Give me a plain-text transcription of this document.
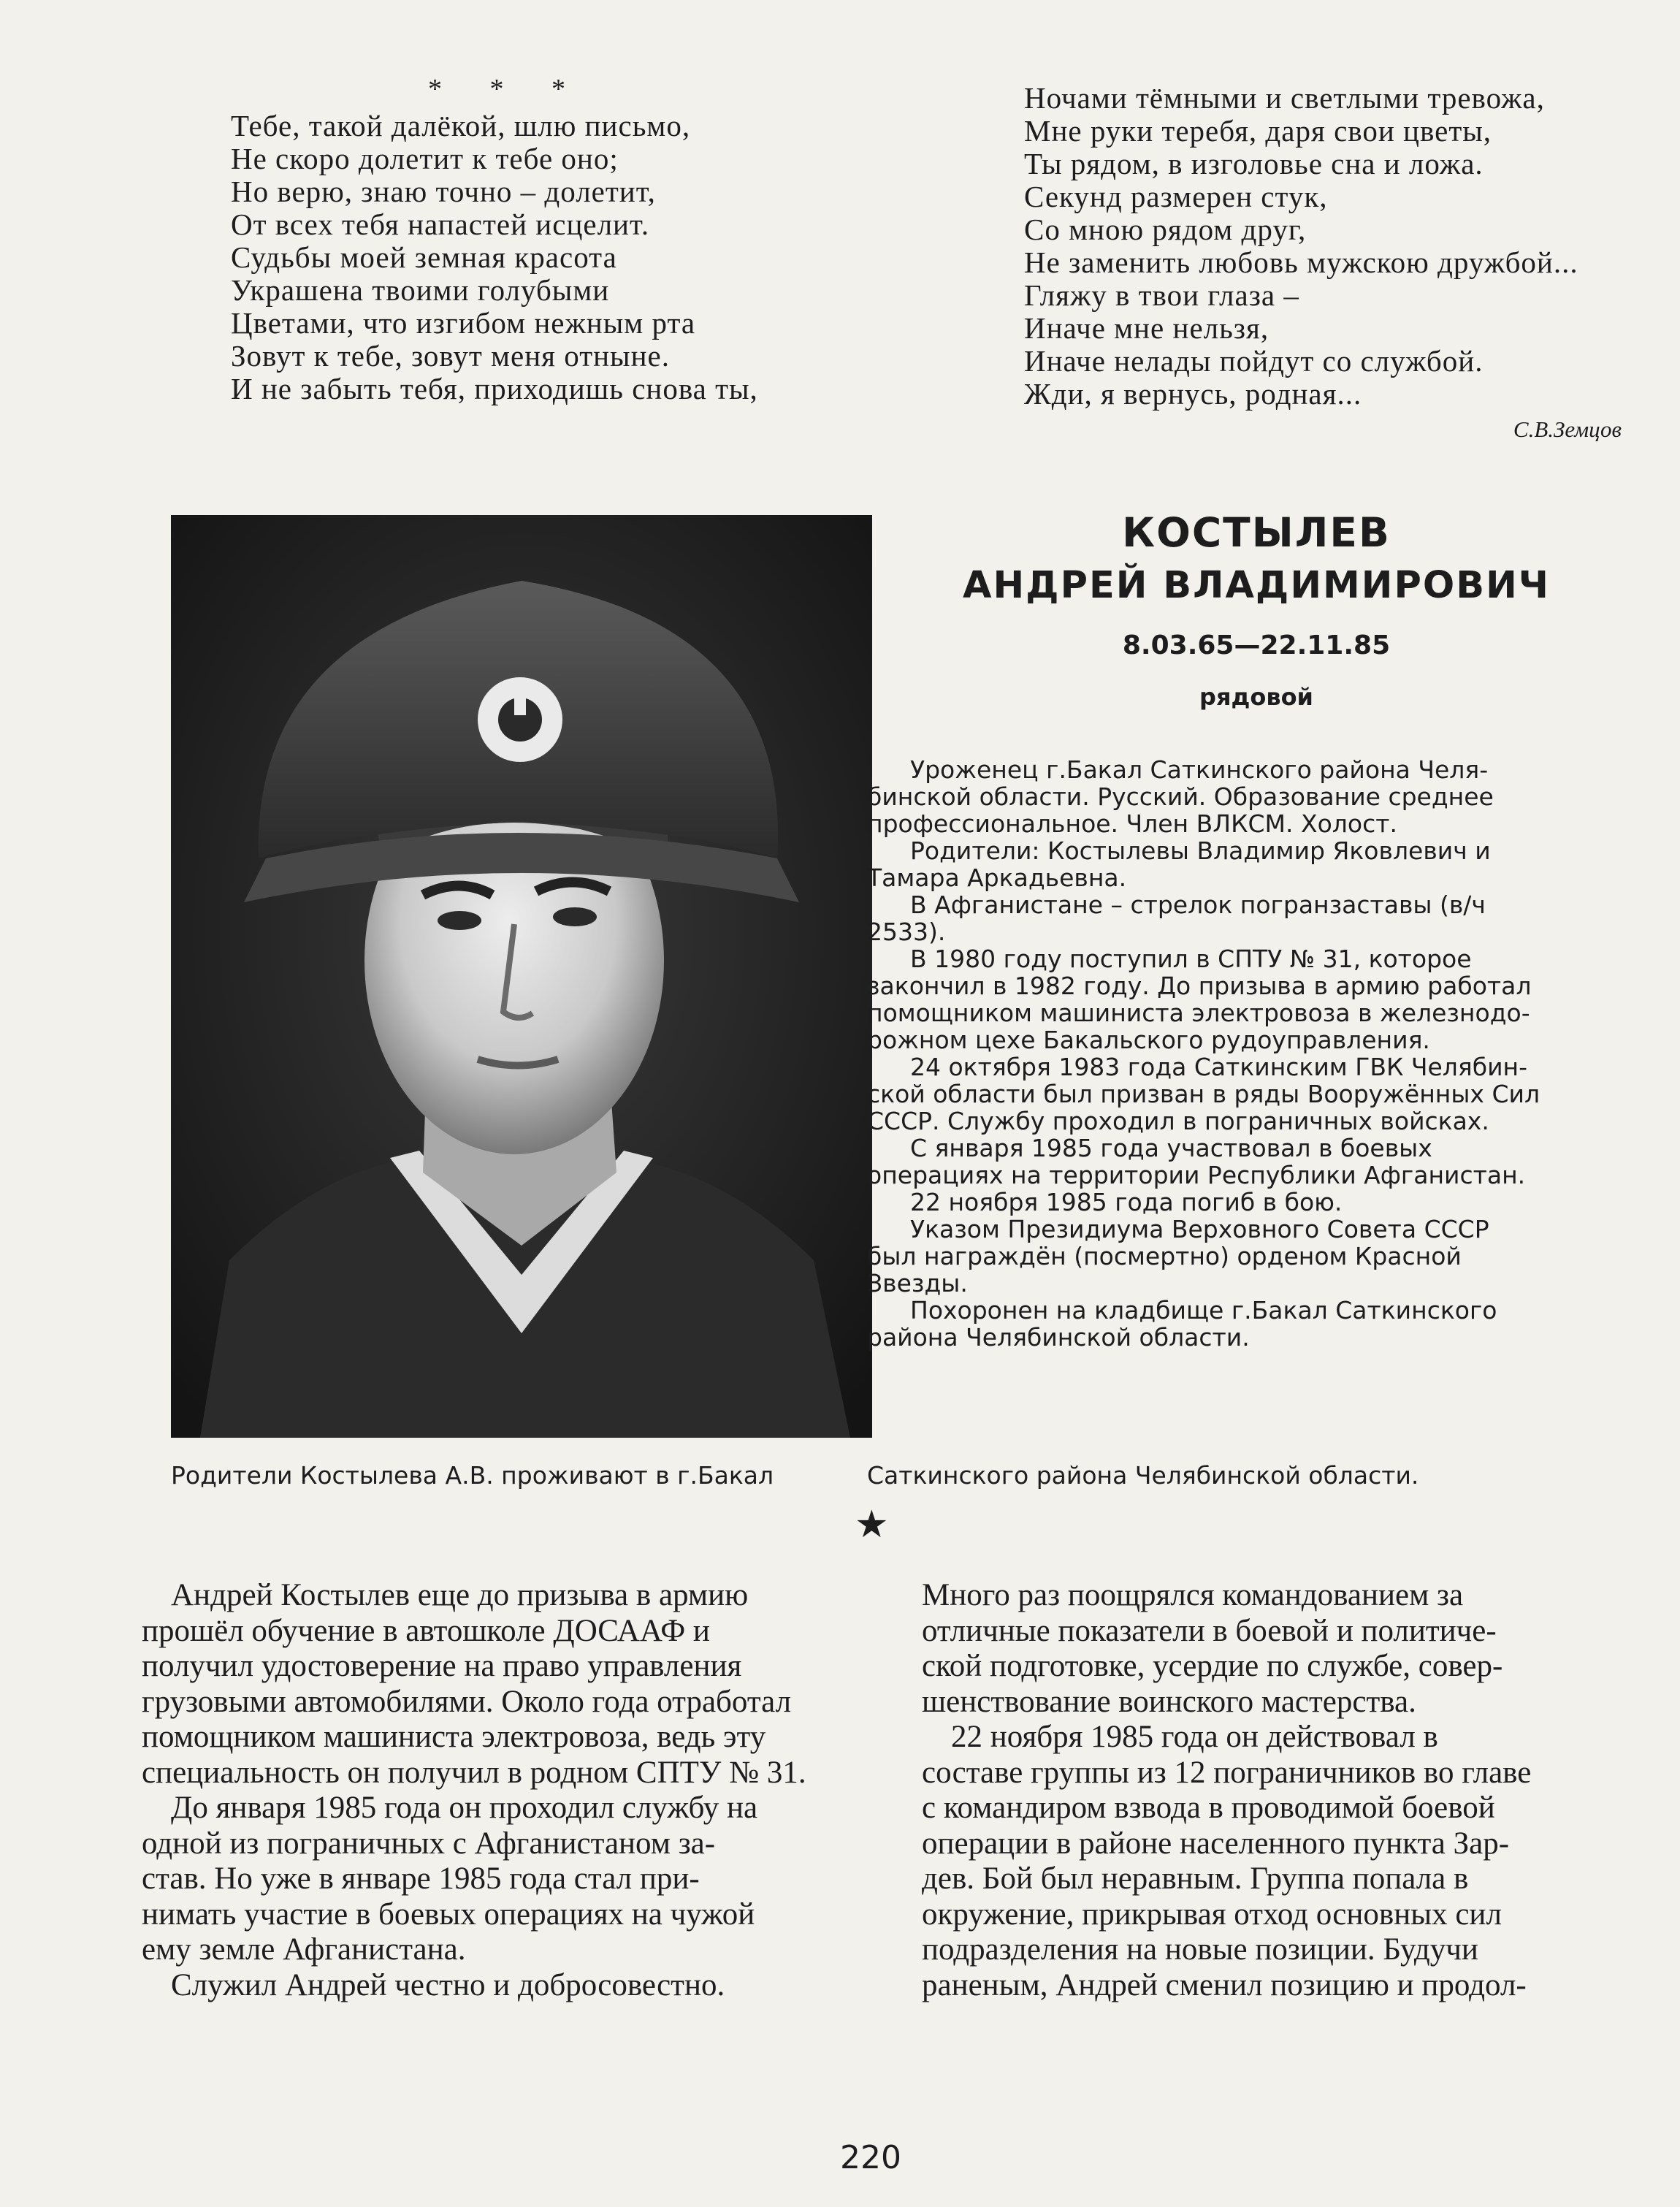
* * *
Тебе, такой далёкой, шлю письмо,
Не скоро долетит к тебе оно;
Но верю, знаю точно – долетит,
От всех тебя напастей исцелит.
Судьбы моей земная красота
Украшена твоими голубыми
Цветами, что изгибом нежным рта
Зовут к тебе, зовут меня отныне.
И не забыть тебя, приходишь снова ты,
Ночами тёмными и светлыми тревожа,
Мне руки теребя, даря свои цветы,
Ты рядом, в изголовье сна и ложа.
Секунд размерен стук,
Со мною рядом друг,
Не заменить любовь мужскою дружбой...
Гляжу в твои глаза –
Иначе мне нельзя,
Иначе нелады пойдут со службой.
Жди, я вернусь, родная...
С.В.Земцов
КОСТЫЛЕВ
АНДРЕЙ ВЛАДИМИРОВИЧ
8.03.65—22.11.85
рядовой
Уроженец г.Бакал Саткинского района Челя-
бинской области. Русский. Образование среднее
профессиональное. Член ВЛКСМ. Холост.
Родители: Костылевы Владимир Яковлевич и
Тамара Аркадьевна.
В Афганистане – стрелок погранзаставы (в/ч
2533).
В 1980 году поступил в СПТУ № 31, которое
закончил в 1982 году. До призыва в армию работал
помощником машиниста электровоза в железнодо-
рожном цехе Бакальского рудоуправления.
24 октября 1983 года Саткинским ГВК Челябин-
ской области был призван в ряды Вооружённых Сил
СССР. Службу проходил в пограничных войсках.
С января 1985 года участвовал в боевых
операциях на территории Республики Афганистан.
22 ноября 1985 года погиб в бою.
Указом Президиума Верховного Совета СССР
был награждён (посмертно) орденом Красной
Звезды.
Похоронен на кладбище г.Бакал Саткинского
района Челябинской области.
Родители Костылева А.В. проживают в г.Бакал	Саткинского района Челябинской области.
★
Андрей Костылев еще до призыва в армию
прошёл обучение в автошколе ДОСААФ и
получил удостоверение на право управления
грузовыми автомобилями. Около года отработал
помощником машиниста электровоза, ведь эту
специальность он получил в родном СПТУ № 31.
До января 1985 года он проходил службу на
одной из пограничных с Афганистаном за-
став. Но уже в январе 1985 года стал при-
нимать участие в боевых операциях на чужой
ему земле Афганистана.
Служил Андрей честно и добросовестно.
Много раз поощрялся командованием за
отличные показатели в боевой и политиче-
ской подготовке, усердие по службе, совер-
шенствование воинского мастерства.
22 ноября 1985 года он действовал в
составе группы из 12 пограничников во главе
с командиром взвода в проводимой боевой
операции в районе населенного пункта Зар-
дев. Бой был неравным. Группа попала в
окружение, прикрывая отход основных сил
подразделения на новые позиции. Будучи
раненым, Андрей сменил позицию и продол-
220
